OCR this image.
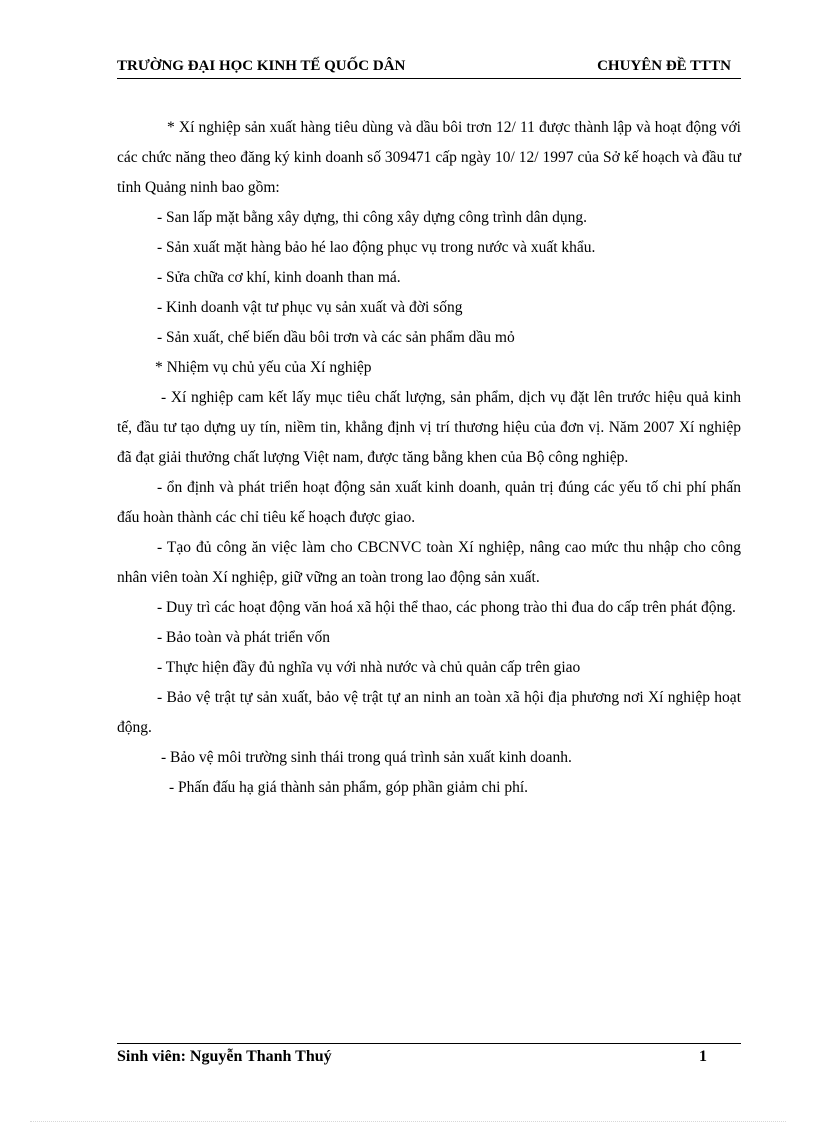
TRƯỜNG ĐẠI HỌC KINH TẾ QUỐC DÂN	CHUYÊN ĐỀ TTTN

* Xí nghiệp sản xuất hàng tiêu dùng và dầu bôi trơn 12/ 11 được thành lập và hoạt động với các chức năng theo đăng ký kinh doanh số 309471 cấp ngày 10/ 12/ 1997 của Sở kế hoạch và đầu tư tỉnh Quảng ninh bao gồm:

- San lấp mặt bằng xây dựng, thi công xây dựng công trình dân dụng.

- Sản xuất mặt hàng bảo hé lao động phục vụ trong nước và xuất khẩu.

- Sửa chữa cơ khí, kinh doanh than má.

- Kinh doanh vật tư phục vụ sản xuất và đời sống

- Sản xuất, chế biến dầu bôi trơn và các sản phẩm dầu mỏ

* Nhiệm vụ chủ yếu của Xí nghiệp

- Xí nghiệp cam kết lấy mục tiêu chất lượng, sản phẩm, dịch vụ đặt lên trước hiệu quả kinh tế, đầu tư tạo dựng uy tín, niềm tin, khẳng định vị trí thương hiệu của đơn vị. Năm 2007 Xí nghiệp đã đạt giải thưởng chất lượng Việt nam, được tăng bằng khen của Bộ công nghiệp.

- ổn định và phát triển hoạt động sản xuất kinh doanh, quản trị đúng các yếu tố chi phí phấn đấu hoàn thành các chỉ tiêu kế hoạch được giao.

- Tạo đủ công ăn việc làm cho CBCNVC toàn Xí nghiệp, nâng cao mức thu nhập cho công nhân viên toàn Xí nghiệp, giữ vững an toàn trong lao động sản xuất.

- Duy trì các hoạt động văn hoá xã hội thể thao, các phong trào thi đua do cấp trên phát động.

- Bảo toàn và phát triển vốn

- Thực hiện đầy đủ nghĩa vụ với nhà nước và chủ quản cấp trên giao

- Bảo vệ trật tự sản xuất, bảo vệ trật tự an ninh an toàn xã hội địa phương nơi Xí nghiệp hoạt động.

- Bảo vệ môi trường sinh thái trong quá trình sản xuất kinh doanh.

- Phấn đấu hạ giá thành sản phẩm, góp phần giảm chi phí.

Sinh viên: Nguyễn Thanh Thuý	1
